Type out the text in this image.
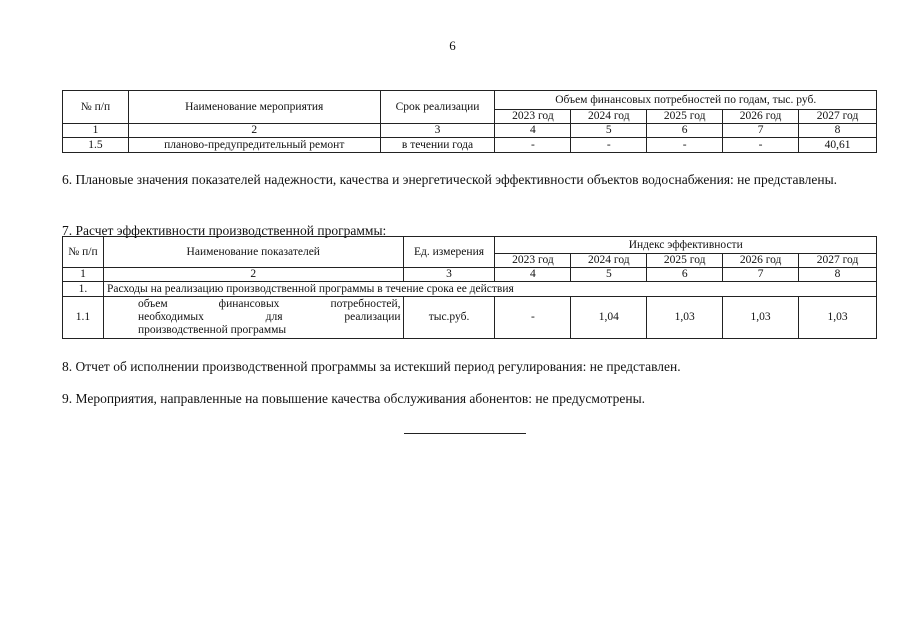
6
№ п/п	Наименование мероприятия	Срок реализации	Объем финансовых потребностей по годам, тыс. руб.				
			2023 год	2024 год	2025 год	2026 год	2027 год
1	2	3	4	5	6	7	8
1.5	планово-предупредительный ремонт	в течении года	-	-	-	-	40,61
6. Плановые значения показателей надежности, качества и энергетической эффективности объектов водоснабжения: не представлены.
7. Расчет эффективности производственной программы:
№ п/п	Наименование показателей	Ед. измерения	Индекс эффективности				
			2023 год	2024 год	2025 год	2026 год	2027 год
1	2	3	4	5	6	7	8
1.	Расходы на реализацию производственной программы в течение срока ее действия						
1.1	объем финансовых потребностей,
необходимых для реализации
производственной программы	тыс.руб.	-	1,04	1,03	1,03	1,03
8. Отчет об исполнении производственной программы за истекший период регулирования: не представлен.
9. Мероприятия, направленные на повышение качества обслуживания абонентов: не предусмотрены.
